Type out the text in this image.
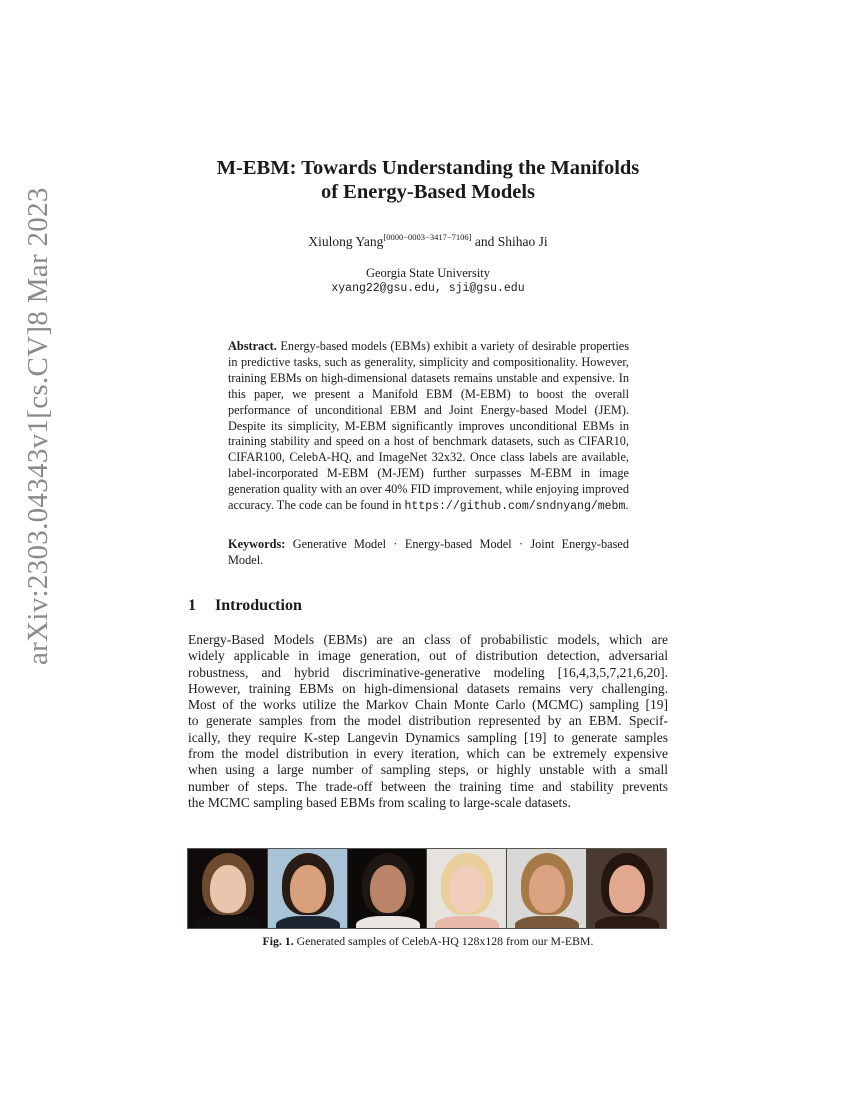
arXiv:2303.04343v1
[cs.CV]
8 Mar 2023
M-EBM: Towards Understanding the Manifolds
of Energy-Based Models
Xiulong Yang[0000−0003−3417−7106] and Shihao Ji
Georgia State University
xyang22@gsu.edu, sji@gsu.edu
Abstract. Energy-based models (EBMs) exhibit a variety of desirable properties in predictive tasks, such as generality, simplicity and compositionality. However, training EBMs on high-dimensional datasets remains unstable and expensive. In this paper, we present a Manifold EBM (M-EBM) to boost the overall performance of unconditional EBM and Joint Energy-based Model (JEM). Despite its simplicity, M-EBM significantly improves unconditional EBMs in training stability and speed on a host of benchmark datasets, such as CIFAR10, CIFAR100, CelebA-HQ, and ImageNet 32x32. Once class labels are available, label-incorporated M-EBM (M-JEM) further surpasses M-EBM in image generation quality with an over 40% FID improvement, while enjoying improved accuracy. The code can be found in https://github.com/sndnyang/mebm.
Keywords: Generative Model · Energy-based Model · Joint Energy-based Model.
1 Introduction
Energy-Based Models (EBMs) are an class of probabilistic models, which are
widely applicable in image generation, out of distribution detection, adversarial
robustness, and hybrid discriminative-generative modeling [16,4,3,5,7,21,6,20].
However, training EBMs on high-dimensional datasets remains very challenging.
Most of the works utilize the Markov Chain Monte Carlo (MCMC) sampling [19]
to generate samples from the model distribution represented by an EBM. Specif-
ically, they require K-step Langevin Dynamics sampling [19] to generate samples
from the model distribution in every iteration, which can be extremely expensive
when using a large number of sampling steps, or highly unstable with a small
number of steps. The trade-off between the training time and stability prevents
the MCMC sampling based EBMs from scaling to large-scale datasets.
Fig. 1. Generated samples of CelebA-HQ 128x128 from our M-EBM.
